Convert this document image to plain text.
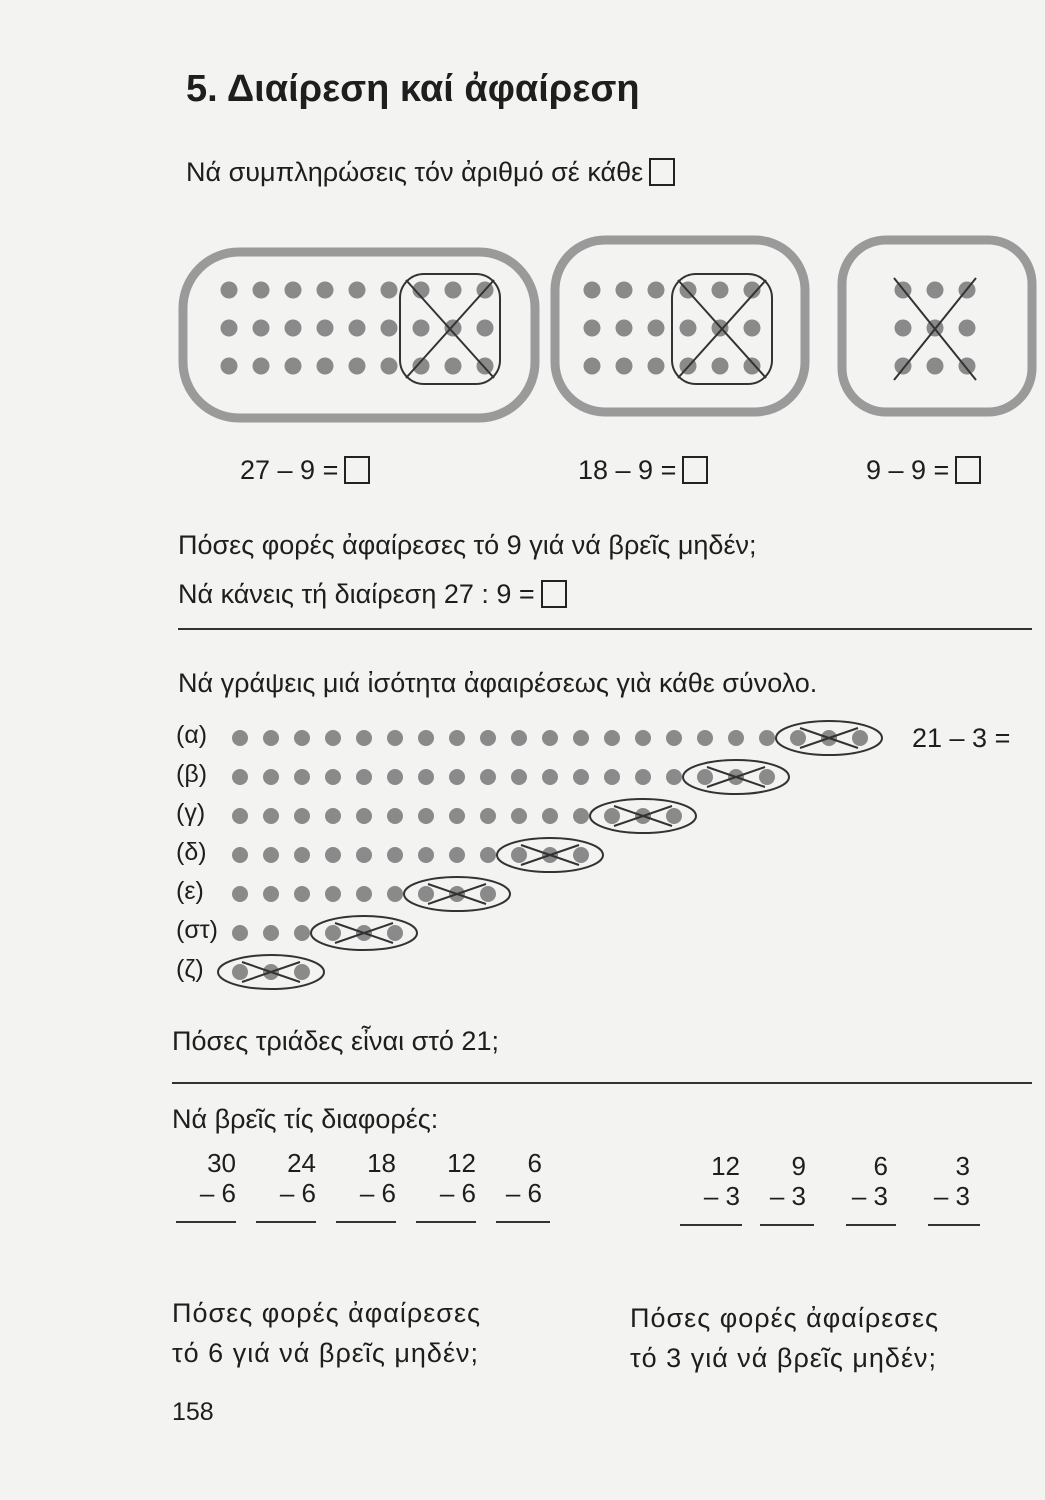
5. Διαίρεση καί ἀφαίρεση
Νά συμπληρώσεις τόν ἀριθμό σέ κάθε
27 – 9 =	18 – 9 =	9 – 9 =
Πόσες φορές ἀφαίρεσες τό 9 γιά νά βρεῖς μηδέν;
Νά κάνεις τή διαίρεση 27 : 9 =
Νά γράψεις μιά ἰσότητα ἀφαιρέσεως γιὰ κάθε σύνολο.
(α)
(β)
(γ)
(δ)
(ε)
(στ)
(ζ)
21 – 3 =
Πόσες τριάδες εἶναι στό 21;
Νά βρεῖς τίς διαφορές:
30
– 6
24
– 6
18
– 6
12
– 6
6
– 6
12
– 3
9
– 3
6
– 3
3
– 3
Πόσες φορές ἀφαίρεσες
τό 6 γιά νά βρεῖς μηδέν;
Πόσες φορές ἀφαίρεσες
τό 3 γιά νά βρεῖς μηδέν;
158
